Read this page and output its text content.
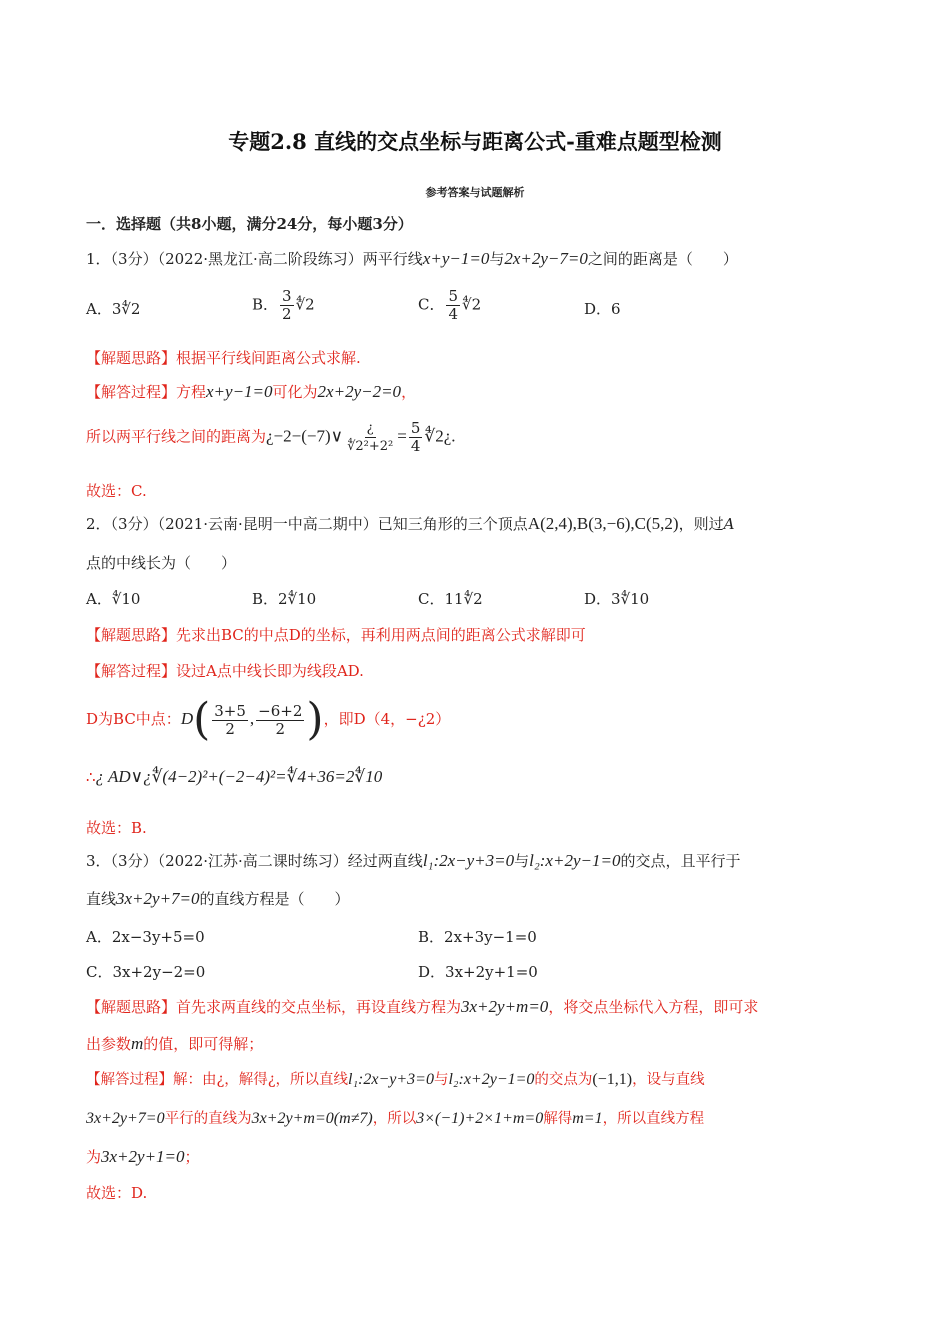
专题2.8 直线的交点坐标与距离公式-重难点题型检测
参考答案与试题解析
一．选择题（共8小题，满分24分，每小题3分）
1．（3分）（2022·黑龙江·高二阶段练习）两平行线x+y−1=0与2x+2y−7=0之间的距离是（　　）
A．3∜2	B． $\frac{3}{2}$ ∜2	C． $\frac{5}{4}$ ∜2	D．6
【解题思路】根据平行线间距离公式求解.
【解答过程】方程x+y−1=0可化为2x+2y−2=0，
所以两平行线之间的距离为¿−2−(−7)∨ $\frac{¿}{\text{∜2²+2²}} = \frac{5}{4}$ ∜2¿.
故选：C.
2．（3分）（2021·云南·昆明一中高二期中）已知三角形的三个顶点A(2,4),B(3,−6),C(5,2)，则过A
点的中线长为（　　）
A．∜10	B．2∜10	C．11∜2	D．3∜10
【解题思路】先求出BC的中点D的坐标，再利用两点间的距离公式求解即可
【解答过程】设过A点中线长即为线段AD.
D为BC中点：$D( \frac{3+5}{2}$ , $\frac{-6+2}{2}$ )，即D（4，−¿2）
∴¿ AD∨¿∜(4−2)²+(−2−4)²=∜4+36=2∜10
故选：B.
3．（3分）（2022·江苏·高二课时练习）经过两直线l₁:2x−y+3=0与l₂:x+2y−1=0的交点，且平行于
直线3x+2y+7=0的直线方程是（　　）
A．2x−3y+5=0	B．2x+3y−1=0
C．3x+2y−2=0	D．3x+2y+1=0
【解题思路】首先求两直线的交点坐标，再设直线方程为3x+2y+m=0，将交点坐标代入方程，即可求
出参数m的值，即可得解；
【解答过程】解：由¿，解得¿，所以直线l₁:2x−y+3=0与l₂:x+2y−1=0的交点为(−1,1)，设与直线
3x+2y+7=0平行的直线为3x+2y+m=0(m≠7)，所以3×(−1)+2×1+m=0解得m=1，所以直线方程
为3x+2y+1=0；
故选：D.
